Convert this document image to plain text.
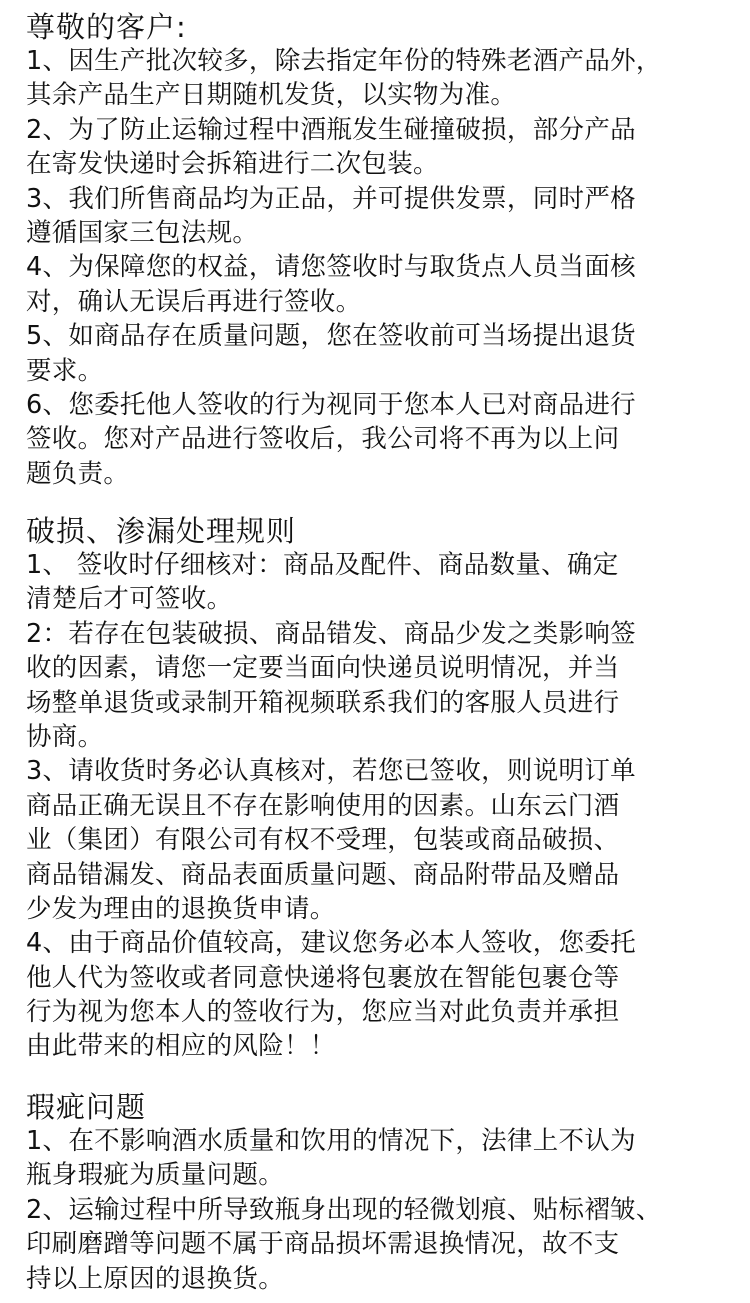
尊敬的客户:

1、因生产批次较多，除去指定年份的特殊老酒产品外，

其余产品生产日期随机发货，以实物为准。

2、为了防止运输过程中酒瓶发生碰撞破损，部分产品

在寄发快递时会拆箱进行二次包装。

3、我们所售商品均为正品，并可提供发票，同时严格

遵循国家三包法规。

4、为保障您的权益，请您签收时与取货点人员当面核

对，确认无误后再进行签收。

5、如商品存在质量问题，您在签收前可当场提出退货

要求。

6、您委托他人签收的行为视同于您本人已对商品进行

签收。您对产品进行签收后，我公司将不再为以上问

题负责。

破损、渗漏处理规则

1、 签收时仔细核对：商品及配件、商品数量、确定

清楚后才可签收。

2：若存在包装破损、商品错发、商品少发之类影响签

收的因素，请您一定要当面向快递员说明情况，并当

场整单退货或录制开箱视频联系我们的客服人员进行

协商。

3、请收货时务必认真核对，若您已签收，则说明订单

商品正确无误且不存在影响使用的因素。山东云门酒

业（集团）有限公司有权不受理，包装或商品破损、

商品错漏发、商品表面质量问题、商品附带品及赠品

少发为理由的退换货申请。

4、由于商品价值较高，建议您务必本人签收，您委托

他人代为签收或者同意快递将包裹放在智能包裹仓等

行为视为您本人的签收行为，您应当对此负责并承担

由此带来的相应的风险！！

瑕疵问题

1、在不影响酒水质量和饮用的情况下，法律上不认为

瓶身瑕疵为质量问题。

2、运输过程中所导致瓶身出现的轻微划痕、贴标褶皱、

印刷磨蹭等问题不属于商品损坏需退换情况，故不支

持以上原因的退换货。
